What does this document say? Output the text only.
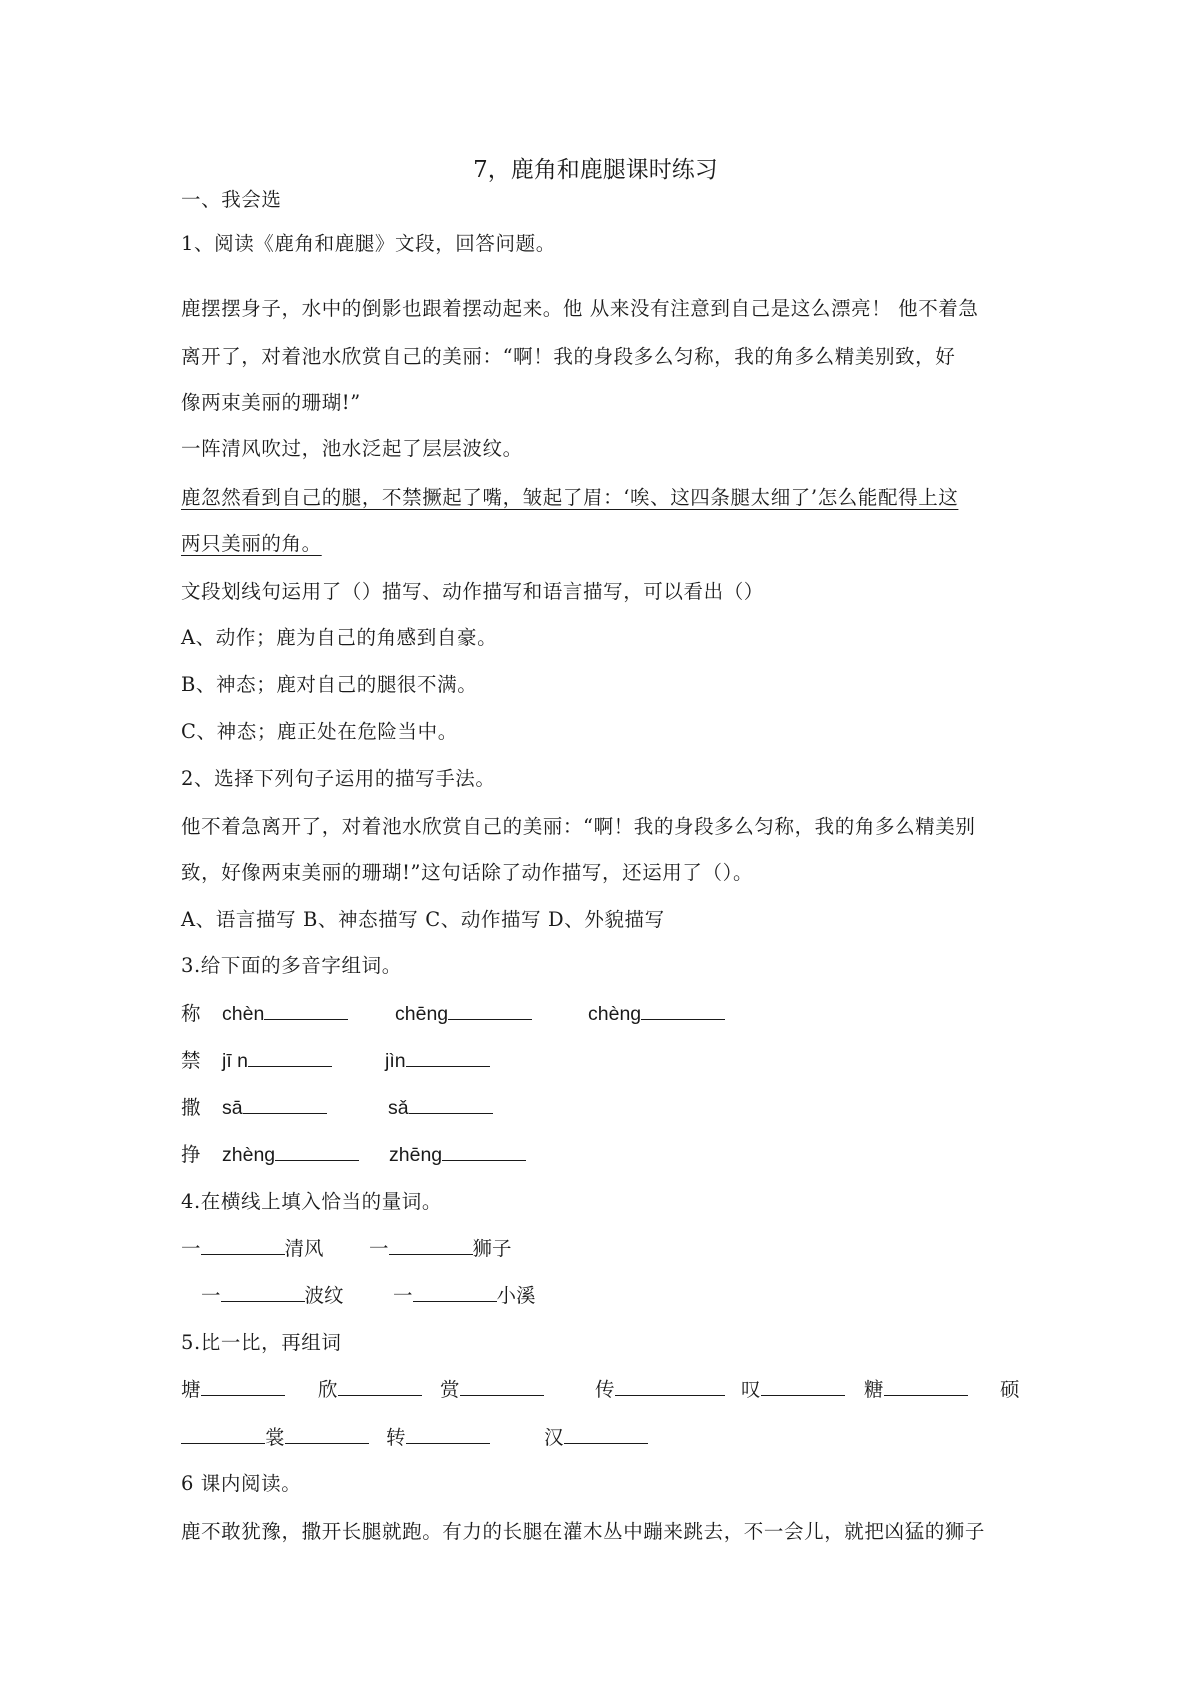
7，鹿角和鹿腿课时练习
一、我会选
1、阅读《鹿角和鹿腿》文段，回答问题。
鹿摆摆身子，水中的倒影也跟着摆动起来。他 从来没有注意到自己是这么漂亮！ 他不着急
离开了，对着池水欣赏自己的美丽：“啊！我的身段多么匀称，我的角多么精美别致，好
像两束美丽的珊瑚!”
一阵清风吹过，池水泛起了层层波纹。
鹿忽然看到自己的腿，不禁撅起了嘴，皱起了眉：‘唉、这四条腿太细了’怎么能配得上这
两只美丽的角。
文段划线句运用了（）描写、动作描写和语言描写，可以看出（）
A、动作；鹿为自己的角感到自豪。
B、神态；鹿对自己的腿很不满。
C、神态；鹿正处在危险当中。
2、选择下列句子运用的描写手法。
他不着急离开了，对着池水欣赏自己的美丽：“啊！我的身段多么匀称，我的角多么精美别
致，好像两束美丽的珊瑚!”这句话除了动作描写，还运用了（）。
A、语言描写 B、神态描写 C、动作描写 D、外貌描写
3.给下面的多音字组词。
称 chèn	chēng	chèng
禁 jī n	jìn
撒 sā	sǎ
挣 zhèng	zhēng
4.在横线上填入恰当的量词。
一	清风 一	狮子
一	波纹	一	小溪
5.比一比，再组词
塘	欣	赏	传	叹	糖	硕
裳	转	汉
6 课内阅读。
鹿不敢犹豫，撒开长腿就跑。有力的长腿在灌木丛中蹦来跳去，不一会儿，就把凶猛的狮子
